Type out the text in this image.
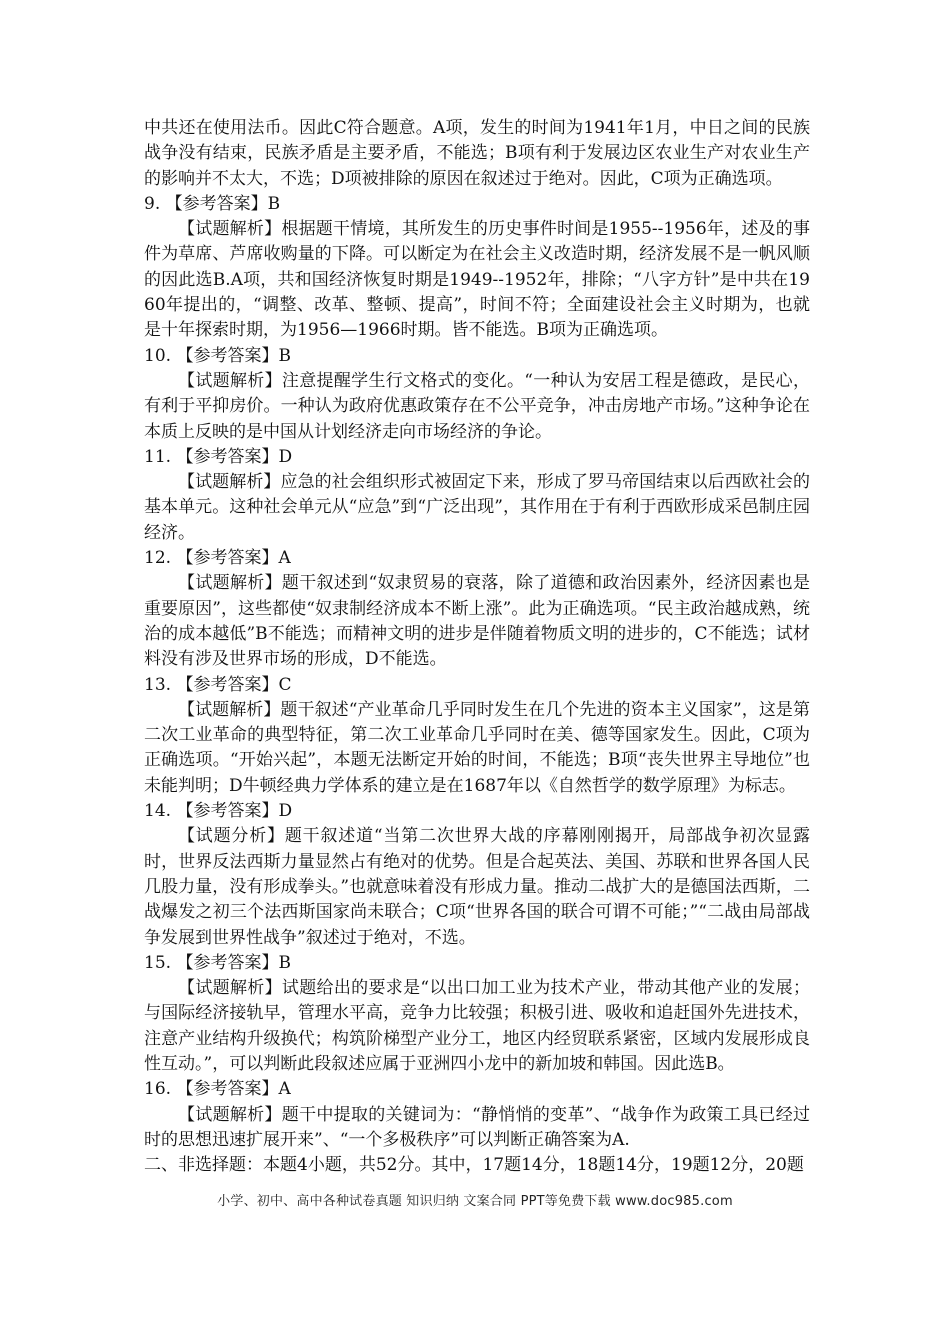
中共还在使用法币。因此C符合题意。A项，发生的时间为1941年1月，中日之间的民族战争没有结束，民族矛盾是主要矛盾，不能选；B项有利于发展边区农业生产对农业生产的影响并不太大，不选；D项被排除的原因在叙述过于绝对。因此，C项为正确选项。

9. 【参考答案】B

【试题解析】根据题干情境，其所发生的历史事件时间是1955--1956年，述及的事件为草席、芦席收购量的下降。可以断定为在社会主义改造时期，经济发展不是一帆风顺的因此选B.A项，共和国经济恢复时期是1949--1952年，排除；“八字方针”是中共在1960年提出的，“调整、改革、整顿、提高”，时间不符；全面建设社会主义时期为，也就是十年探索时期，为1956—1966时期。皆不能选。B项为正确选项。

10. 【参考答案】B

【试题解析】注意提醒学生行文格式的变化。“一种认为安居工程是德政，是民心，有利于平抑房价。一种认为政府优惠政策存在不公平竞争，冲击房地产市场。”这种争论在本质上反映的是中国从计划经济走向市场经济的争论。

11. 【参考答案】D

【试题解析】应急的社会组织形式被固定下来，形成了罗马帝国结束以后西欧社会的基本单元。这种社会单元从“应急”到“广泛出现”，其作用在于有利于西欧形成采邑制庄园经济。

12. 【参考答案】A

【试题解析】题干叙述到“奴隶贸易的衰落，除了道德和政治因素外，经济因素也是重要原因”，这些都使“奴隶制经济成本不断上涨”。此为正确选项。“民主政治越成熟，统治的成本越低”B不能选；而精神文明的进步是伴随着物质文明的进步的，C不能选；试材料没有涉及世界市场的形成，D不能选。

13. 【参考答案】C

【试题解析】题干叙述“产业革命几乎同时发生在几个先进的资本主义国家”，这是第二次工业革命的典型特征，第二次工业革命几乎同时在美、德等国家发生。因此，C项为正确选项。“开始兴起”，本题无法断定开始的时间，不能选；B项“丧失世界主导地位”也未能判明；D牛顿经典力学体系的建立是在1687年以《自然哲学的数学原理》为标志。

14. 【参考答案】D

【试题分析】题干叙述道“当第二次世界大战的序幕刚刚揭开，局部战争初次显露时，世界反法西斯力量显然占有绝对的优势。但是合起英法、美国、苏联和世界各国人民几股力量，没有形成拳头。”也就意味着没有形成力量。推动二战扩大的是德国法西斯，二战爆发之初三个法西斯国家尚未联合；C项“世界各国的联合可谓不可能；”“二战由局部战争发展到世界性战争”叙述过于绝对，不选。

15. 【参考答案】B

【试题解析】试题给出的要求是“以出口加工业为技术产业，带动其他产业的发展；与国际经济接轨早，管理水平高，竞争力比较强；积极引进、吸收和追赶国外先进技术，注意产业结构升级换代；构筑阶梯型产业分工，地区内经贸联系紧密，区域内发展形成良性互动。”，可以判断此段叙述应属于亚洲四小龙中的新加坡和韩国。因此选B。

16. 【参考答案】A

【试题解析】题干中提取的关键词为：“静悄悄的变革”、“战争作为政策工具已经过时的思想迅速扩展开来”、“一个多极秩序”可以判断正确答案为A.

二、非选择题：本题4小题，共52分。其中，17题14分，18题14分，19题12分，20题

小学、初中、高中各种试卷真题 知识归纳 文案合同 PPT等免费下载 www.doc985.com
